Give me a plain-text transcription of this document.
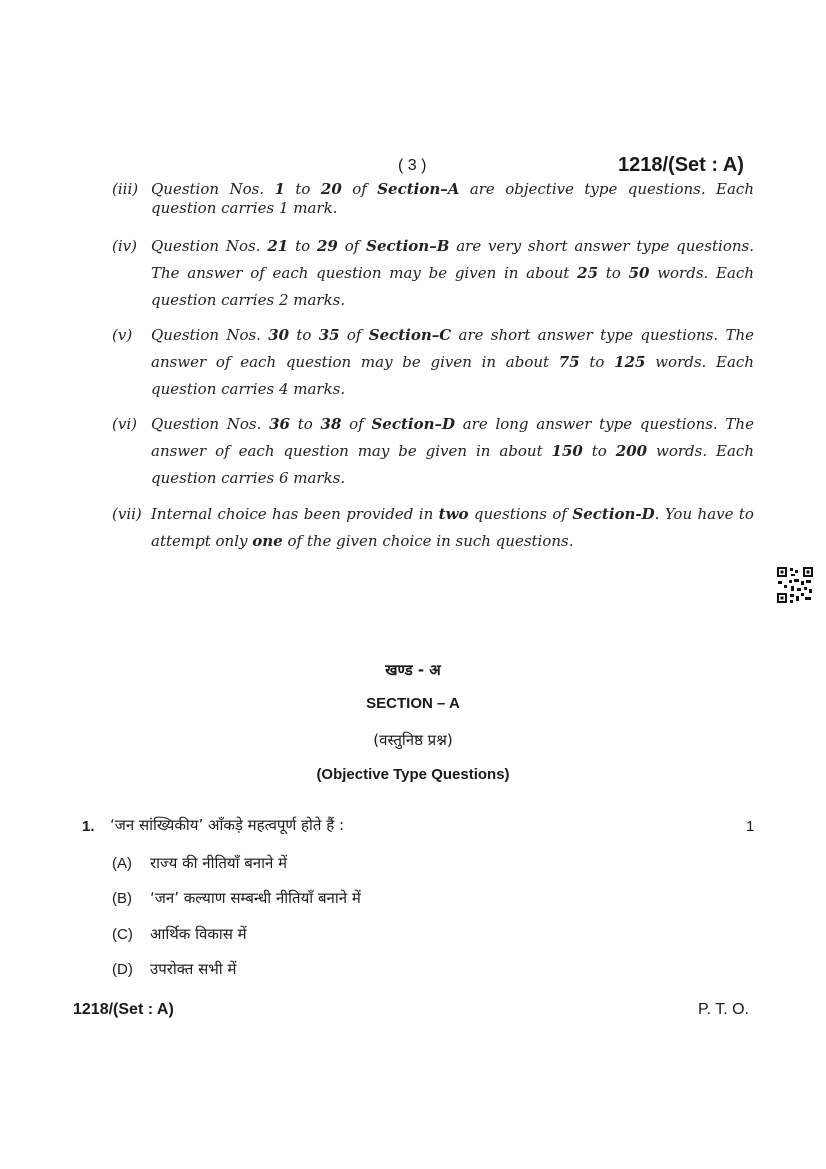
( 3 )	1218/(Set : A)
(iii) Question Nos. 1 to 20 of Section–A are objective type questions. Each question carries 1 mark.
(iv) Question Nos. 21 to 29 of Section–B are very short answer type questions. The answer of each question may be given in about 25 to 50 words. Each question carries 2 marks.
(v)	Question Nos. 30 to 35 of Section–C are short answer type questions. The answer of each question may be given in about 75 to 125 words. Each question carries 4 marks.
(vi) Question Nos. 36 to 38 of Section–D are long answer type questions. The answer of each question may be given in about 150 to 200 words. Each question carries 6 marks.
(vii) Internal choice has been provided in two questions of Section-D. You have to attempt only one of the given choice in such questions.
खण्ड - अ
SECTION – A
(वस्तुनिष्ठ प्रश्न)
(Objective Type Questions)
1. ‘जन सांख्यिकीय’ आँकड़े महत्वपूर्ण होते हैं :	1
(A) राज्य की नीतियाँ बनाने में
(B) ‘जन’ कल्याण सम्बन्धी नीतियाँ बनाने में
(C) आर्थिक विकास में
(D) उपरोक्त सभी में
1218/(Set : A)	P. T. O.
